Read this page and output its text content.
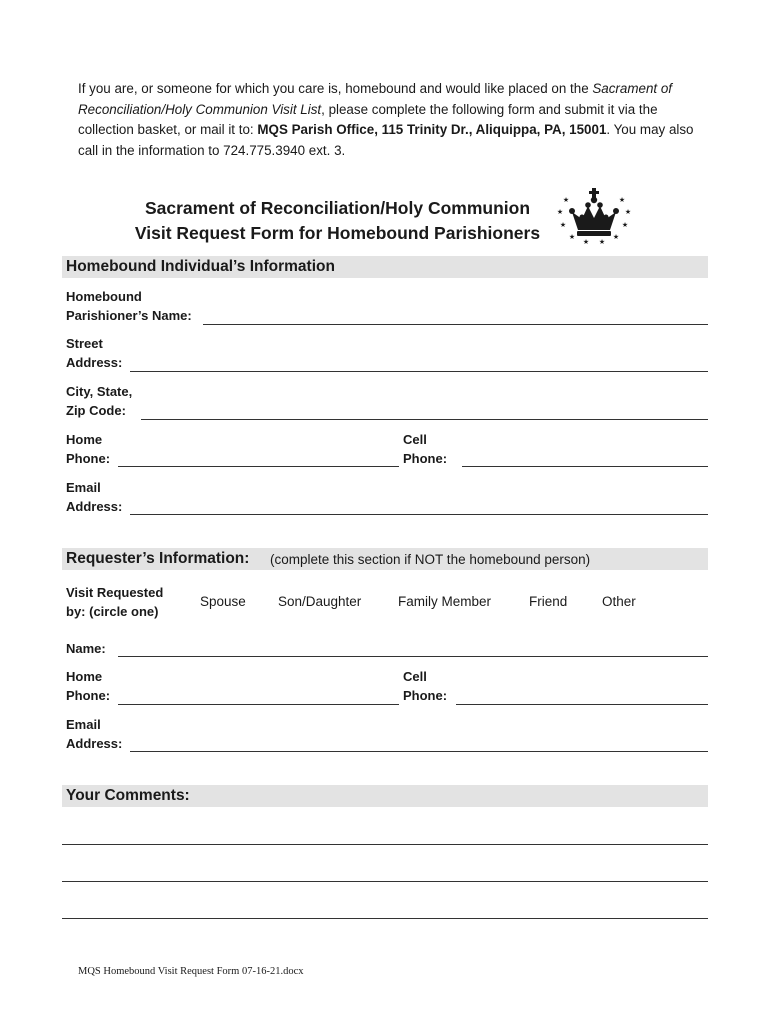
If you are, or someone for which you care is, homebound and would like placed on the Sacrament of Reconciliation/Holy Communion Visit List, please complete the following form and submit it via the collection basket, or mail it to: MQS Parish Office, 115 Trinity Dr., Aliquippa, PA, 15001. You may also call in the information to 724.775.3940 ext. 3.
Sacrament of Reconciliation/Holy Communion
Visit Request Form for Homebound Parishioners
★
★
★
★
★ ★
★
★
★
★
Homebound Individual’s Information
Homebound
Parishioner’s Name:
Street
Address:
City, State,
Zip Code:
Home
Phone:
Cell
Phone:
Email
Address:
Requester’s Information: (complete this section if NOT the homebound person)
Visit Requested
by: (circle one)
Spouse Son/Daughter	Family Member	Friend	Other
Name:
Home
Phone:
Cell
Phone:
Email
Address:
Your Comments:
MQS Homebound Visit Request Form 07-16-21.docx
